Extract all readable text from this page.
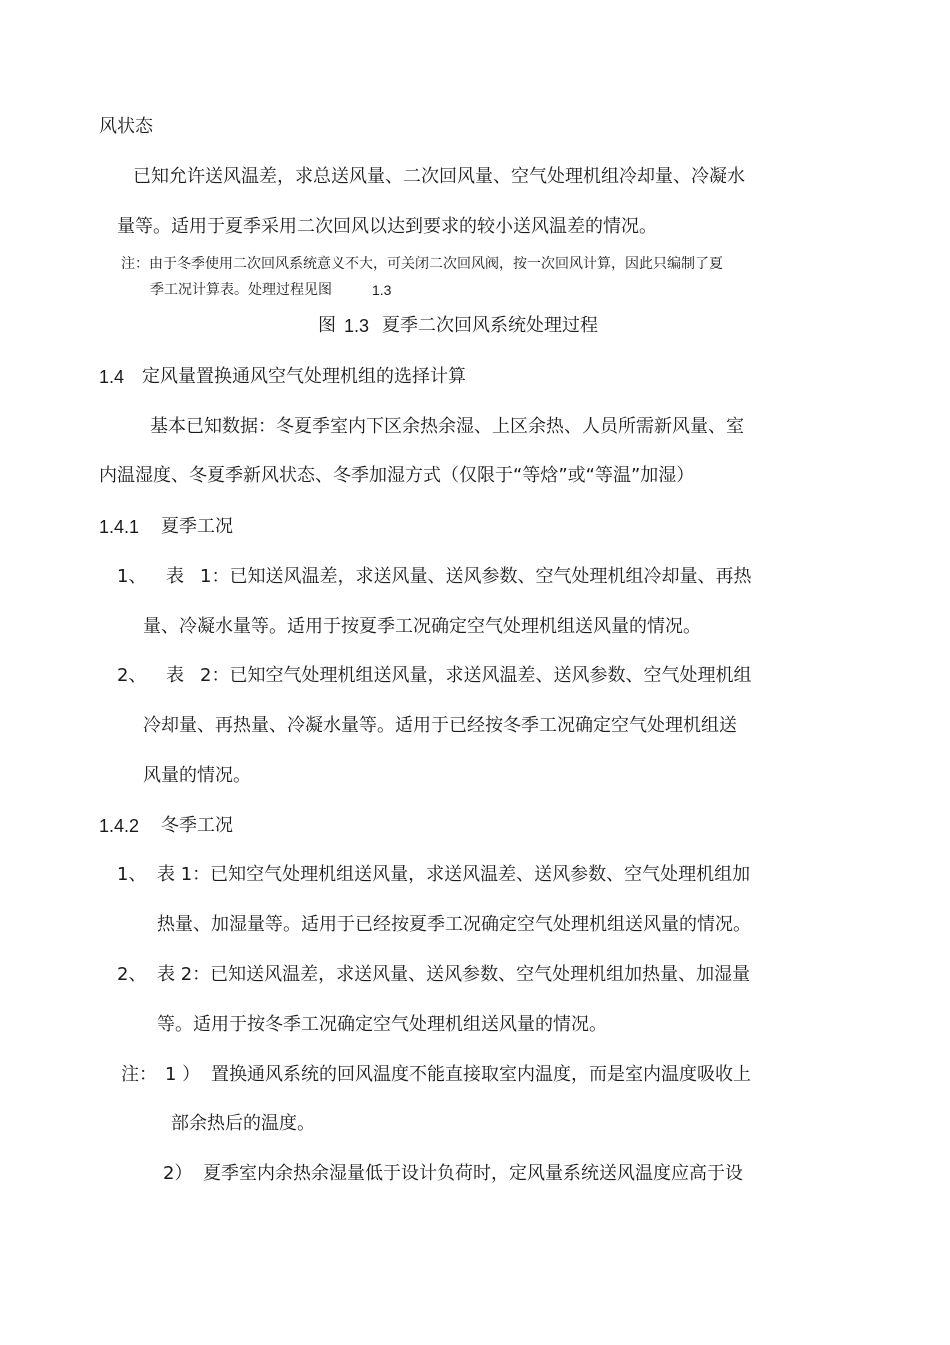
风状态
已知允许送风温差，求总送风量、二次回风量、空气处理机组冷却量、冷凝水
量等。适用于夏季采用二次回风以达到要求的较小送风温差的情况。
注：由于冬季使用二次回风系统意义不大，可关闭二次回风阀，按一次回风计算，因此只编制了夏
季工况计算表。处理过程见图	1.3
图 1.3 夏季二次回风系统处理过程
1.4 定风量置换通风空气处理机组的选择计算
基本已知数据：冬夏季室内下区余热余湿、上区余热、人员所需新风量、室
内温湿度、冬夏季新风状态、冬季加湿方式（仅限于“等焓”或“等温”加湿）
1.4.1 夏季工况
1、 表 1：已知送风温差，求送风量、送风参数、空气处理机组冷却量、再热
量、冷凝水量等。适用于按夏季工况确定空气处理机组送风量的情况。
2、 表 2：已知空气处理机组送风量，求送风温差、送风参数、空气处理机组
冷却量、再热量、冷凝水量等。适用于已经按冬季工况确定空气处理机组送
风量的情况。
1.4.2 冬季工况
1、 表 1：已知空气处理机组送风量，求送风温差、送风参数、空气处理机组加
热量、加湿量等。适用于已经按夏季工况确定空气处理机组送风量的情况。
2、 表 2：已知送风温差，求送风量、送风参数、空气处理机组加热量、加湿量
等。适用于按冬季工况确定空气处理机组送风量的情况。
注： 1 ） 置换通风系统的回风温度不能直接取室内温度，而是室内温度吸收上
部余热后的温度。
2） 夏季室内余热余湿量低于设计负荷时，定风量系统送风温度应高于设
